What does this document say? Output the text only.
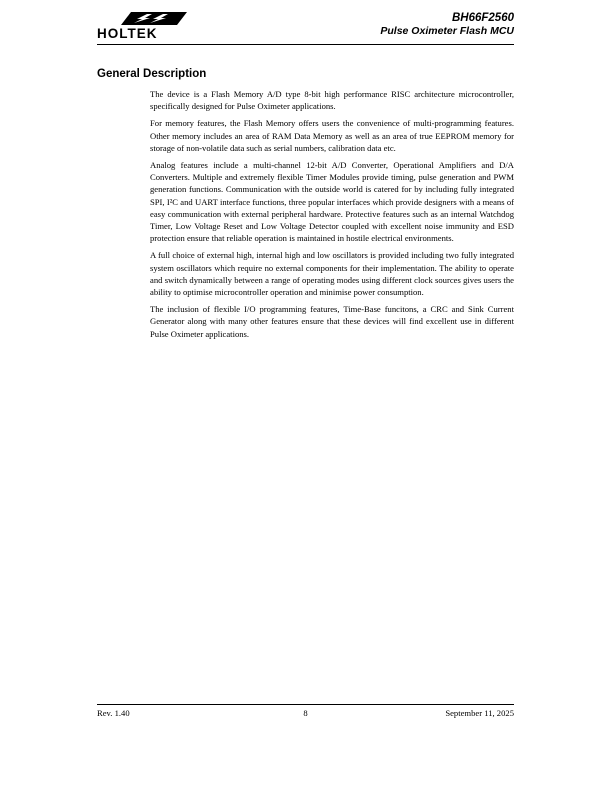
HOLTEK
BH66F2560
Pulse Oximeter Flash MCU
General Description

The device is a Flash Memory A/D type 8-bit high performance RISC architecture microcontroller, specifically designed for Pulse Oximeter applications.

For memory features, the Flash Memory offers users the convenience of multi-programming features. Other memory includes an area of RAM Data Memory as well as an area of true EEPROM memory for storage of non-volatile data such as serial numbers, calibration data etc.

Analog features include a multi-channel 12-bit A/D Converter, Operational Amplifiers and D/A Converters. Multiple and extremely flexible Timer Modules provide timing, pulse generation and PWM generation functions. Communication with the outside world is catered for by including fully integrated SPI, I²C and UART interface functions, three popular interfaces which provide designers with a means of easy communication with external peripheral hardware. Protective features such as an internal Watchdog Timer, Low Voltage Reset and Low Voltage Detector coupled with excellent noise immunity and ESD protection ensure that reliable operation is maintained in hostile electrical environments.

A full choice of external high, internal high and low oscillators is provided including two fully integrated system oscillators which require no external components for their implementation. The ability to operate and switch dynamically between a range of operating modes using different clock sources gives users the ability to optimise microcontroller operation and minimise power consumption.

The inclusion of flexible I/O programming features, Time-Base funcitons, a CRC and Sink Current Generator along with many other features ensure that these devices will find excellent use in different Pulse Oximeter applications.

Rev. 1.40	8	September 11, 2025
